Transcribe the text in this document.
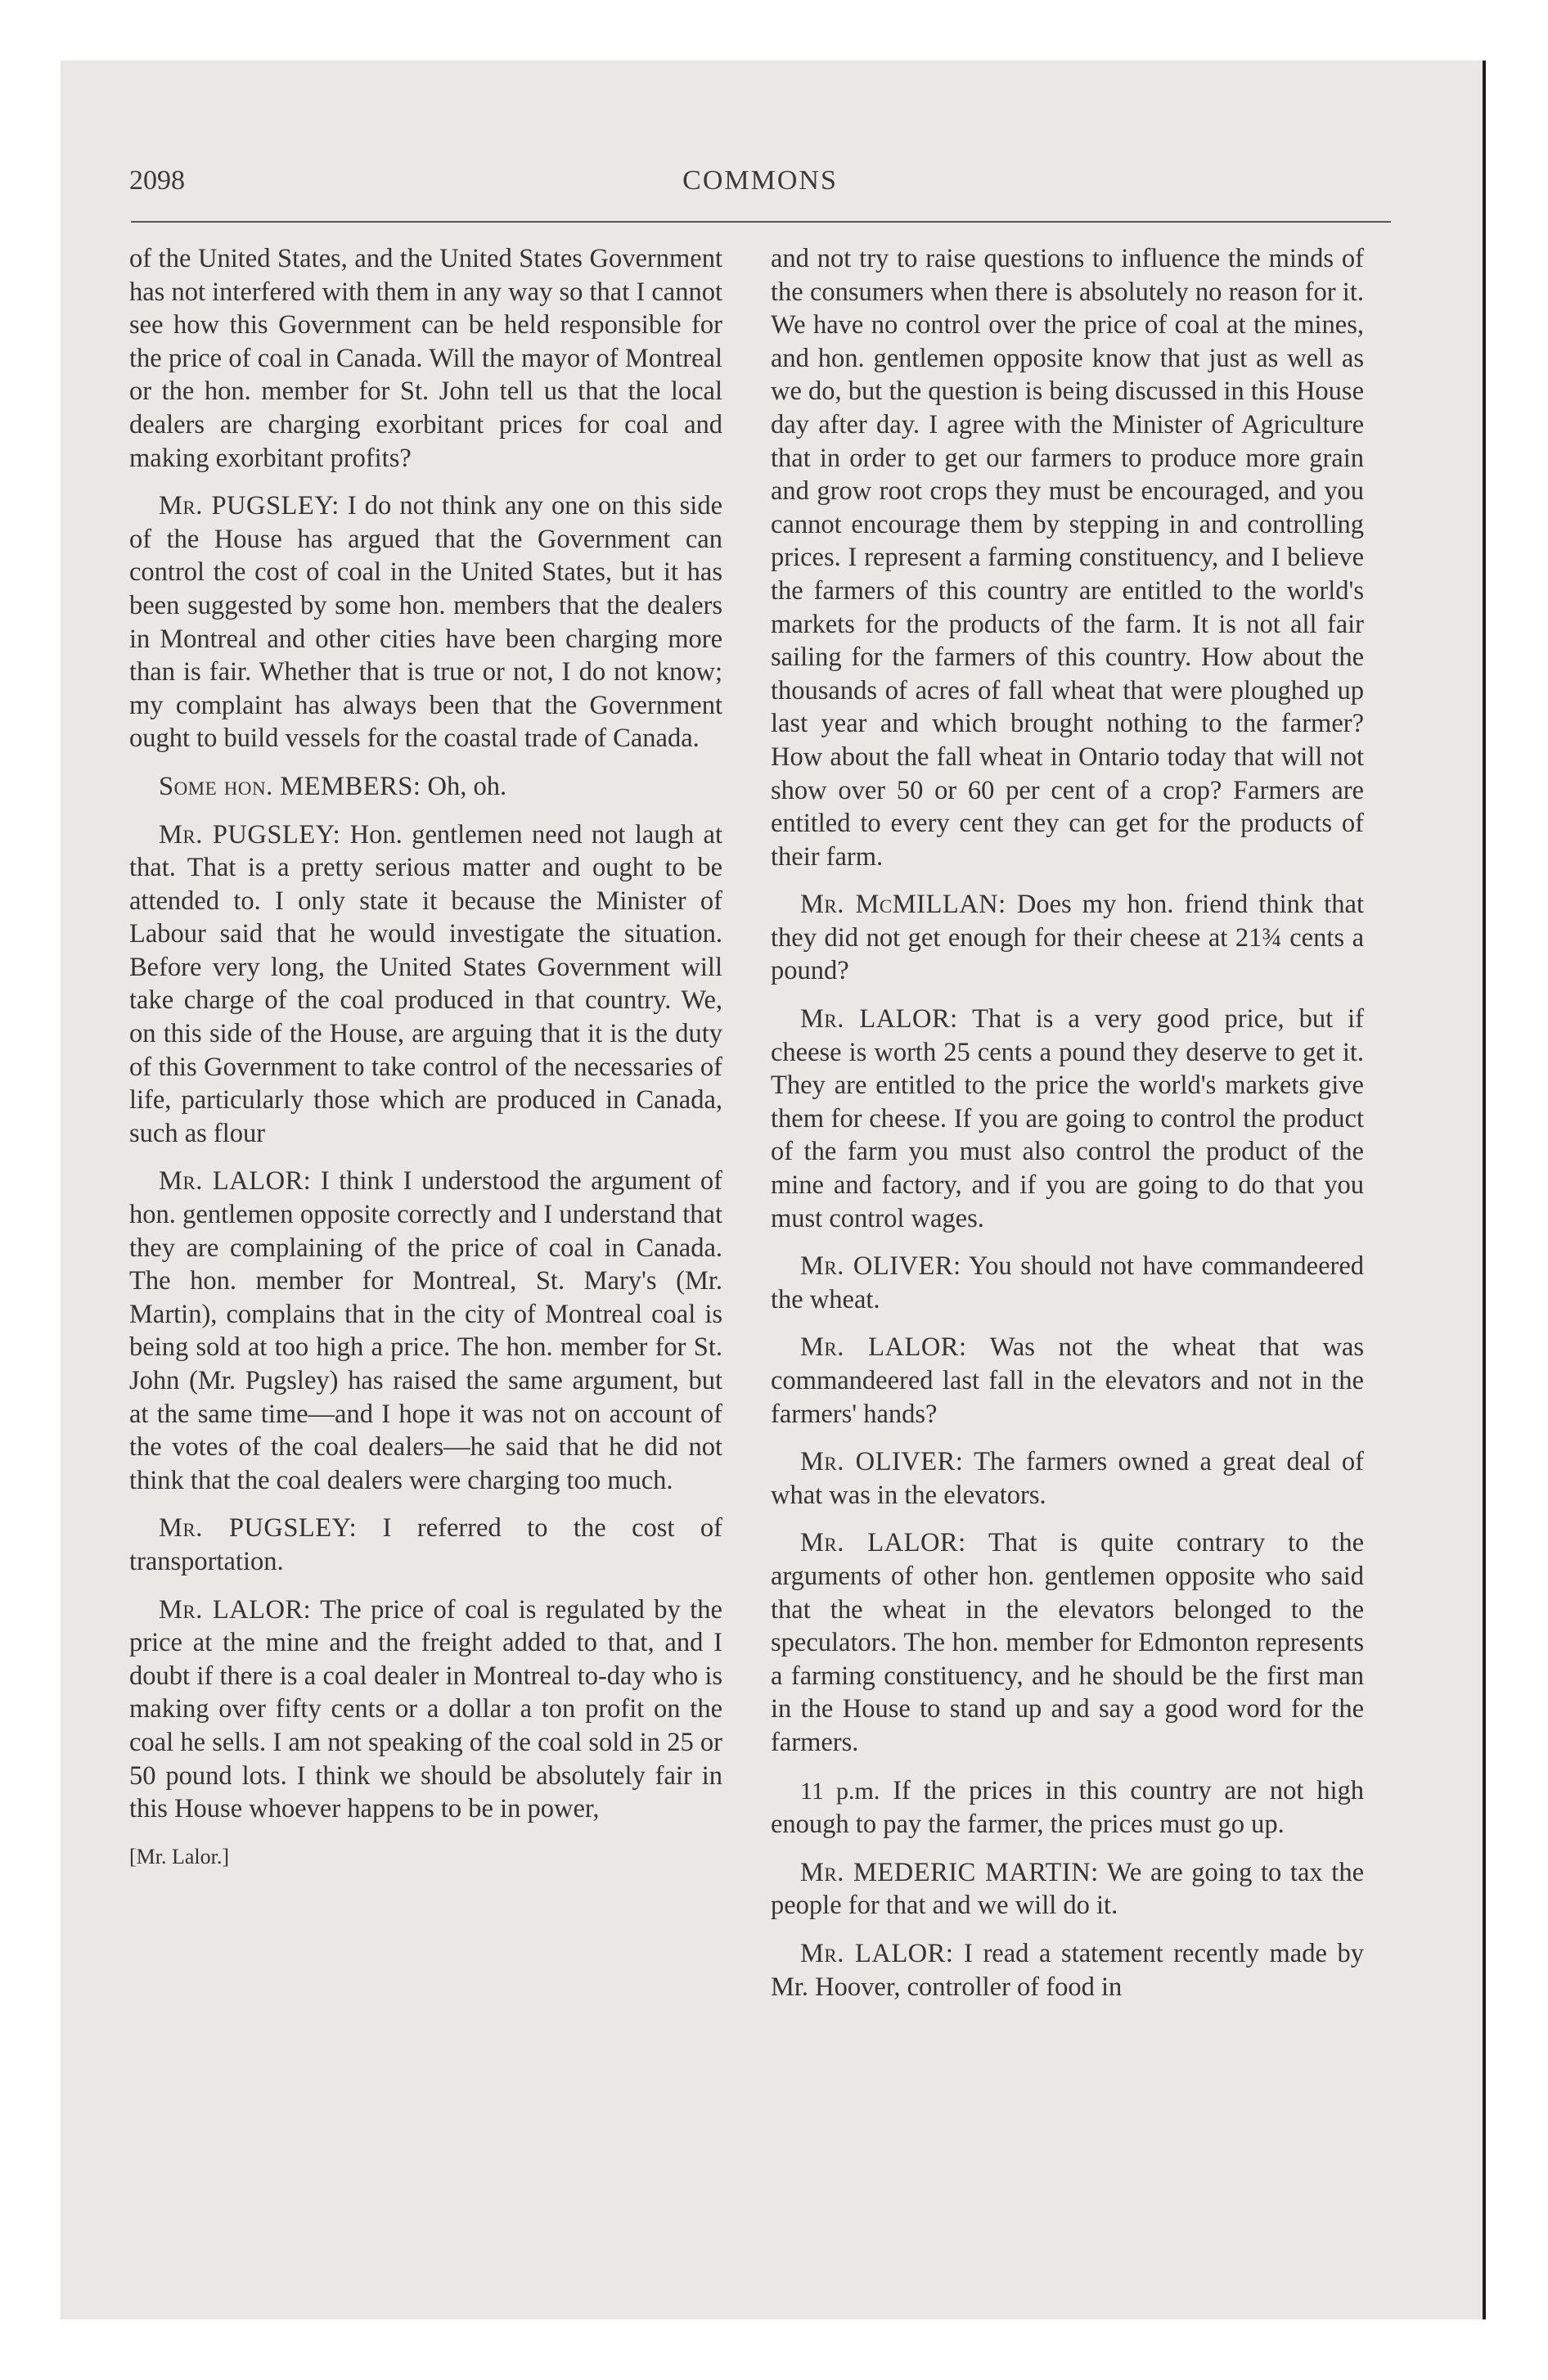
2098	COMMONS

of the United States, and the United States Government has not interfered with them in any way so that I cannot see how this Government can be held responsible for the price of coal in Canada. Will the mayor of Montreal or the hon. member for St. John tell us that the local dealers are charging exorbitant prices for coal and making exorbitant profits?

Mr. PUGSLEY: I do not think any one on this side of the House has argued that the Government can control the cost of coal in the United States, but it has been suggested by some hon. members that the dealers in Montreal and other cities have been charging more than is fair. Whether that is true or not, I do not know; my complaint has always been that the Government ought to build vessels for the coastal trade of Canada.

Some hon. MEMBERS: Oh, oh.

Mr. PUGSLEY: Hon. gentlemen need not laugh at that. That is a pretty serious matter and ought to be attended to. I only state it because the Minister of Labour said that he would investigate the situation. Before very long, the United States Government will take charge of the coal produced in that country. We, on this side of the House, are arguing that it is the duty of this Government to take control of the necessaries of life, particularly those which are produced in Canada, such as flour

Mr. LALOR: I think I understood the argument of hon. gentlemen opposite correctly and I understand that they are complaining of the price of coal in Canada. The hon. member for Montreal, St. Mary's (Mr. Martin), complains that in the city of Montreal coal is being sold at too high a price. The hon. member for St. John (Mr. Pugsley) has raised the same argument, but at the same time—and I hope it was not on account of the votes of the coal dealers—he said that he did not think that the coal dealers were charging too much.

Mr. PUGSLEY: I referred to the cost of transportation.

Mr. LALOR: The price of coal is regulated by the price at the mine and the freight added to that, and I doubt if there is a coal dealer in Montreal to-day who is making over fifty cents or a dollar a ton profit on the coal he sells. I am not speaking of the coal sold in 25 or 50 pound lots. I think we should be absolutely fair in this House whoever happens to be in power,

[Mr. Lalor.]

and not try to raise questions to influence the minds of the consumers when there is absolutely no reason for it. We have no control over the price of coal at the mines, and hon. gentlemen opposite know that just as well as we do, but the question is being discussed in this House day after day. I agree with the Minister of Agriculture that in order to get our farmers to produce more grain and grow root crops they must be encouraged, and you cannot encourage them by stepping in and controlling prices. I represent a farming constituency, and I believe the farmers of this country are entitled to the world's markets for the products of the farm. It is not all fair sailing for the farmers of this country. How about the thousands of acres of fall wheat that were ploughed up last year and which brought nothing to the farmer? How about the fall wheat in Ontario today that will not show over 50 or 60 per cent of a crop? Farmers are entitled to every cent they can get for the products of their farm.

Mr. McMILLAN: Does my hon. friend think that they did not get enough for their cheese at 21¾ cents a pound?

Mr. LALOR: That is a very good price, but if cheese is worth 25 cents a pound they deserve to get it. They are entitled to the price the world's markets give them for cheese. If you are going to control the product of the farm you must also control the product of the mine and factory, and if you are going to do that you must control wages.

Mr. OLIVER: You should not have commandeered the wheat.

Mr. LALOR: Was not the wheat that was commandeered last fall in the elevators and not in the farmers' hands?

Mr. OLIVER: The farmers owned a great deal of what was in the elevators.

Mr. LALOR: That is quite contrary to the arguments of other hon. gentlemen opposite who said that the wheat in the elevators belonged to the speculators. The hon. member for Edmonton represents a farming constituency, and he should be the first man in the House to stand up and say a good word for the farmers.

11 p.m. If the prices in this country are not high enough to pay the farmer, the prices must go up.

Mr. MEDERIC MARTIN: We are going to tax the people for that and we will do it.

Mr. LALOR: I read a statement recently made by Mr. Hoover, controller of food in
